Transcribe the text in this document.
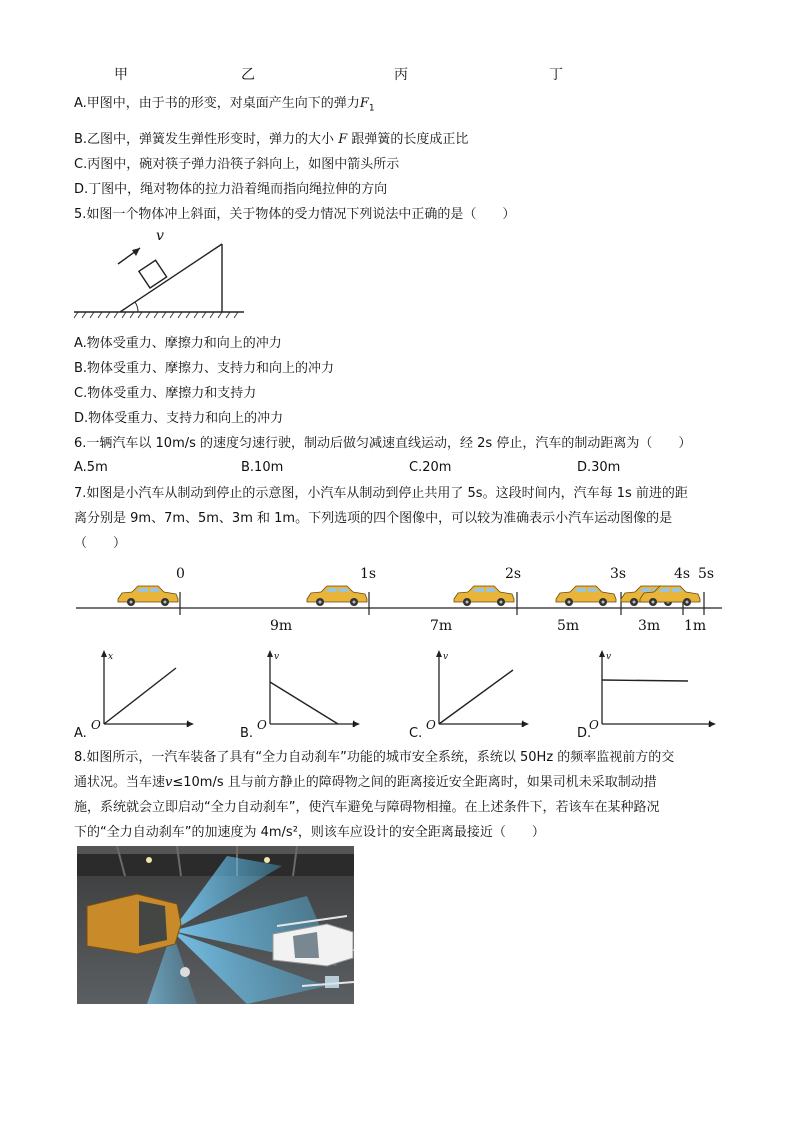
甲	乙	丙	丁
A.甲图中，由于书的形变，对桌面产生向下的弹力$F_1$
B.乙图中，弹簧发生弹性形变时，弹力的大小 F 跟弹簧的长度成正比
C.丙图中，碗对筷子弹力沿筷子斜向上，如图中箭头所示
D.丁图中，绳对物体的拉力沿着绳而指向绳拉伸的方向
5.如图一个物体冲上斜面，关于物体的受力情况下列说法中正确的是（　　）
v
A.物体受重力、摩擦力和向上的冲力
B.物体受重力、摩擦力、支持力和向上的冲力
C.物体受重力、摩擦力和支持力
D.物体受重力、支持力和向上的冲力
6.一辆汽车以 10m/s 的速度匀速行驶，制动后做匀减速直线运动，经 2s 停止，汽车的制动距离为（　　）
A.5m	B.10m	C.20m	D.30m
7.如图是小汽车从制动到停止的示意图，小汽车从制动到停止共用了 5s。这段时间内，汽车每 1s 前进的距
离分别是 9m、7m、5m、3m 和 1m。下列选项的四个图像中，可以较为准确表示小汽车运动图像的是
（　　）
0	1s	2s	3s	4s 5s
9m	7m	5m	3m 1m
x
O	t
A.
v
O	t
B.
v
O	t
C.
v
O	t
D.
8.如图所示，一汽车装备了具有“全力自动刹车”功能的城市安全系统，系统以 50Hz 的频率监视前方的交
通状况。当车速v≤10m/s 且与前方静止的障碍物之间的距离接近安全距离时，如果司机未采取制动措
施，系统就会立即启动“全力自动刹车”，使汽车避免与障碍物相撞。在上述条件下，若该车在某种路况
下的“全力自动刹车”的加速度为 4m/s²，则该车应设计的安全距离最接近（　　）
